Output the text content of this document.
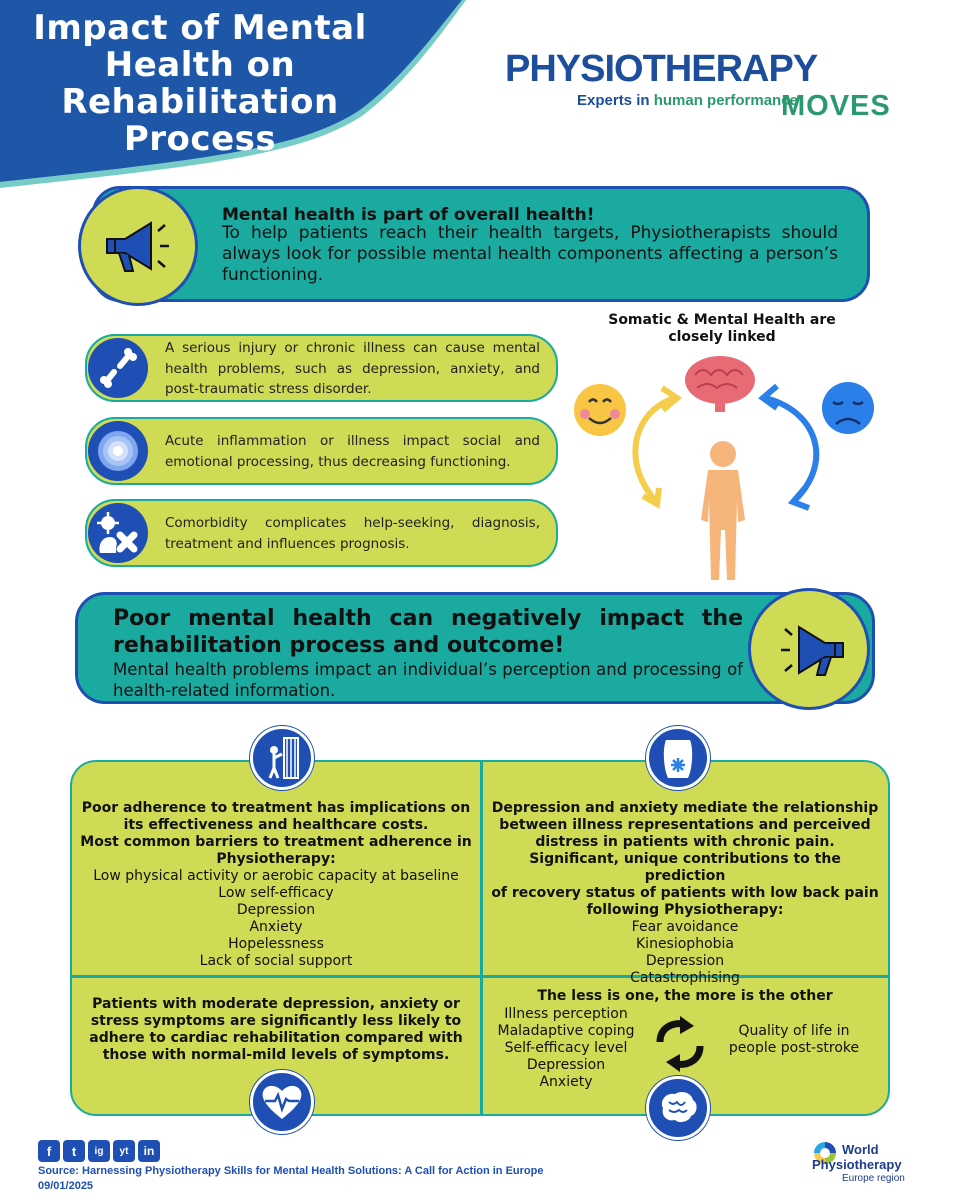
Impact of Mental
Health on
Rehabilitation
Process
PHYSIOTHERAPY
Experts in human performance
MOVES
Mental health is part of overall health!
To help patients reach their health targets, Physiotherapists should always look for possible mental health components affecting a person’s functioning.
Somatic & Mental Health are closely linked
A serious injury or chronic illness can cause mental health problems, such as depression, anxiety, and post-traumatic stress disorder.
Acute inflammation or illness impact social and emotional processing, thus decreasing functioning.
Comorbidity complicates help-seeking, diagnosis, treatment and influences prognosis.
Poor mental health can negatively impact the rehabilitation process and outcome!
Mental health problems impact an individual’s perception and processing of health-related information.
Poor adherence to treatment has implications on
its effectiveness and healthcare costs.
Most common barriers to treatment adherence in
Physiotherapy:
Low physical activity or aerobic capacity at baseline
Low self-efficacy
Depression
Anxiety
Hopelessness
Lack of social support
Depression and anxiety mediate the relationship
between illness representations and perceived
distress in patients with chronic pain.
Significant, unique contributions to the prediction
of recovery status of patients with low back pain
following Physiotherapy:
Fear avoidance
Kinesiophobia
Depression
Catastrophising
Patients with moderate depression, anxiety or
stress symptoms are significantly less likely to
adhere to cardiac rehabilitation compared with
those with normal-mild levels of symptoms.
The less is one, the more is the other
Illness perception
Maladaptive coping
Self-efficacy level
Depression
Anxiety
Quality of life in
people post-stroke
f	t	ig	yt	in
Source: Harnessing Physiotherapy Skills for Mental Health Solutions: A Call for Action in Europe
09/01/2025
World
Physiotherapy
Europe region
